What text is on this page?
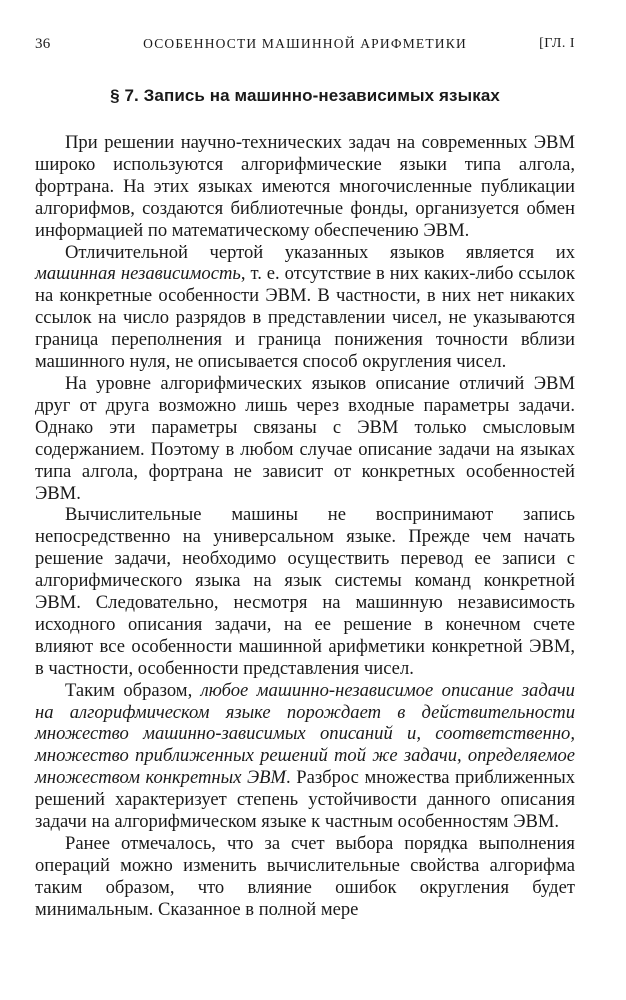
36	ОСОБЕННОСТИ МАШИННОЙ АРИФМЕТИКИ	[ГЛ. I
§ 7. Запись на машинно-независимых языках

При решении научно-технических задач на современных ЭВМ широко используются алгорифмические языки типа алгола, фортрана. На этих языках имеются многочисленные публикации алгорифмов, создаются библиотечные фонды, организуется обмен информацией по математическому обеспечению ЭВМ.

Отличительной чертой указанных языков является их машинная независимость, т. е. отсутствие в них каких-либо ссылок на конкретные особенности ЭВМ. В частности, в них нет никаких ссылок на число разрядов в представлении чисел, не указываются граница переполнения и граница понижения точности вблизи машинного нуля, не описывается способ округления чисел.

На уровне алгорифмических языков описание отличий ЭВМ друг от друга возможно лишь через входные параметры задачи. Однако эти параметры связаны с ЭВМ только смысловым содержанием. Поэтому в любом случае описание задачи на языках типа алгола, фортрана не зависит от конкретных особенностей ЭВМ.

Вычислительные машины не воспринимают запись непосредственно на универсальном языке. Прежде чем начать решение задачи, необходимо осуществить перевод ее записи с алгорифмического языка на язык системы команд конкретной ЭВМ. Следовательно, несмотря на машинную независимость исходного описания задачи, на ее решение в конечном счете влияют все особенности машинной арифметики конкретной ЭВМ, в частности, особенности представления чисел.

Таким образом, любое машинно-независимое описание задачи на алгорифмическом языке порождает в действительности множество машинно-зависимых описаний и, соответственно, множество приближенных решений той же задачи, определяемое множеством конкретных ЭВМ. Разброс множества приближенных решений характеризует степень устойчивости данного описания задачи на алгорифмическом языке к частным особенностям ЭВМ.

Ранее отмечалось, что за счет выбора порядка выполнения операций можно изменить вычислительные свойства алгорифма таким образом, что влияние ошибок округления будет минимальным. Сказанное в полной мере
